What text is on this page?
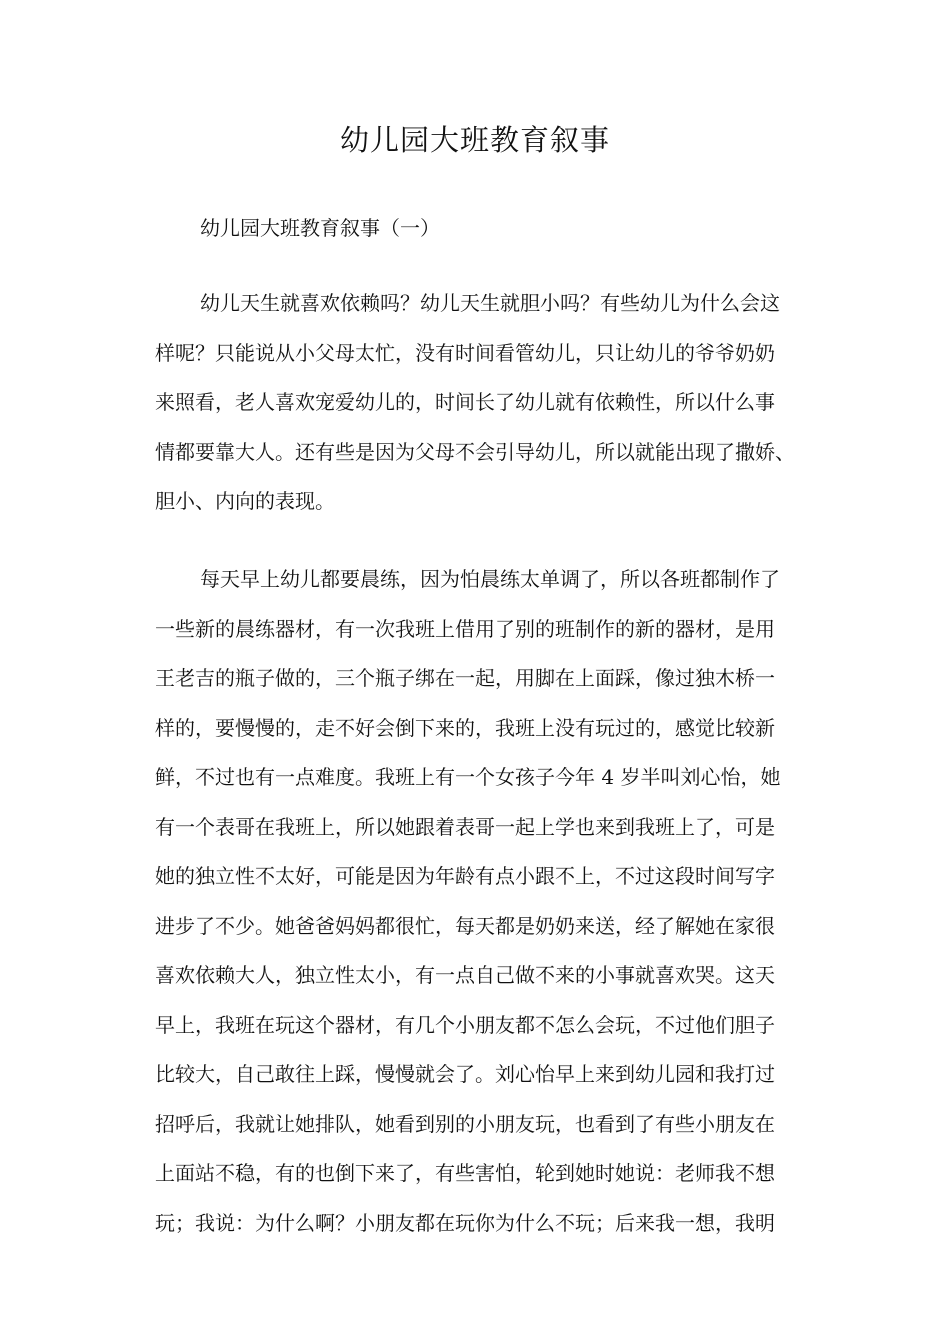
幼儿园大班教育叙事

幼儿园大班教育叙事（一）

幼儿天生就喜欢依赖吗？幼儿天生就胆小吗？有些幼儿为什么会这
样呢？只能说从小父母太忙，没有时间看管幼儿，只让幼儿的爷爷奶奶
来照看，老人喜欢宠爱幼儿的，时间长了幼儿就有依赖性，所以什么事
情都要靠大人。还有些是因为父母不会引导幼儿，所以就能出现了撒娇、
胆小、内向的表现。
每天早上幼儿都要晨练，因为怕晨练太单调了，所以各班都制作了
一些新的晨练器材，有一次我班上借用了别的班制作的新的器材，是用
王老吉的瓶子做的，三个瓶子绑在一起，用脚在上面踩，像过独木桥一
样的，要慢慢的，走不好会倒下来的，我班上没有玩过的，感觉比较新
鲜，不过也有一点难度。我班上有一个女孩子今年 4 岁半叫刘心怡，她
有一个表哥在我班上，所以她跟着表哥一起上学也来到我班上了，可是
她的独立性不太好，可能是因为年龄有点小跟不上，不过这段时间写字
进步了不少。她爸爸妈妈都很忙，每天都是奶奶来送，经了解她在家很
喜欢依赖大人，独立性太小，有一点自己做不来的小事就喜欢哭。这天
早上，我班在玩这个器材，有几个小朋友都不怎么会玩，不过他们胆子
比较大，自己敢往上踩，慢慢就会了。刘心怡早上来到幼儿园和我打过
招呼后，我就让她排队，她看到别的小朋友玩，也看到了有些小朋友在
上面站不稳，有的也倒下来了，有些害怕，轮到她时她说：老师我不想
玩；我说：为什么啊？小朋友都在玩你为什么不玩；后来我一想，我明
